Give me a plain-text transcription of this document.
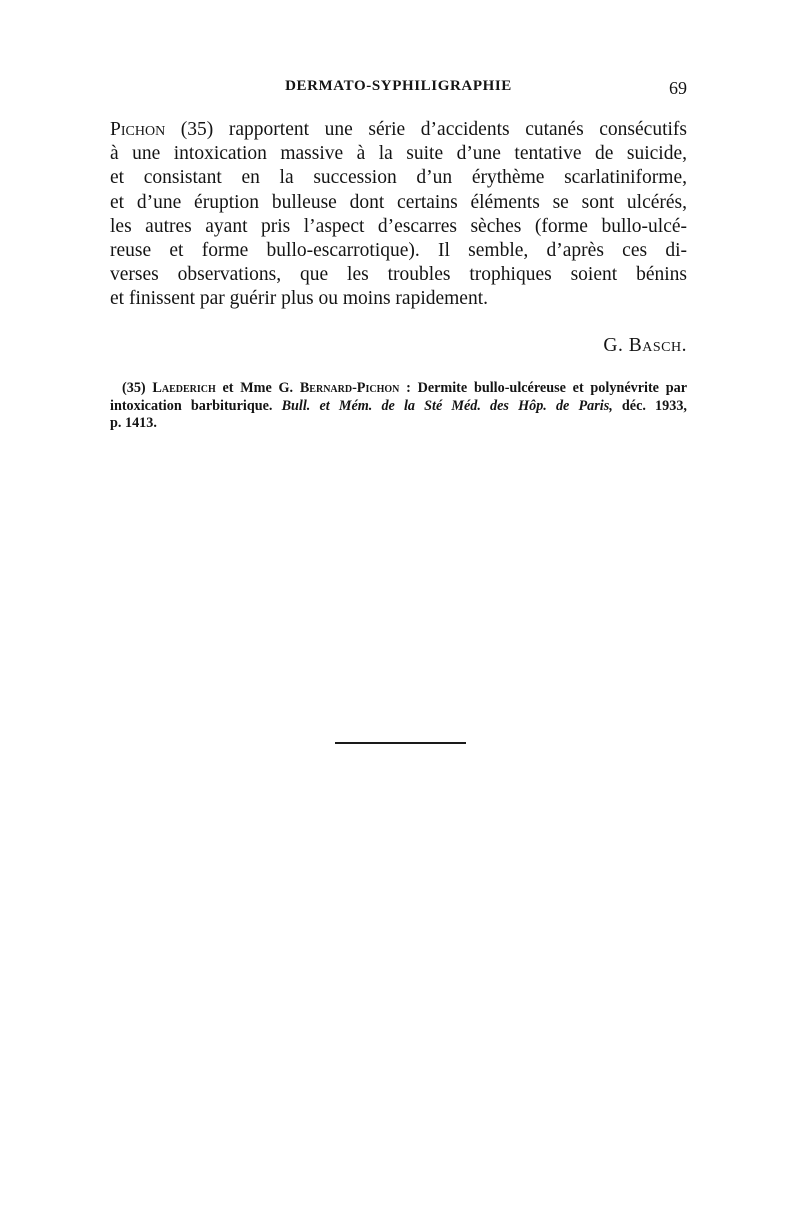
DERMATO-SYPHILIGRAPHIE	69
Pichon (35) rapportent une série d’accidents cutanés consécutifs
à une intoxication massive à la suite d’une tentative de suicide,
et consistant en la succession d’un érythème scarlatiniforme,
et d’une éruption bulleuse dont certains éléments se sont ulcérés,
les autres ayant pris l’aspect d’escarres sèches (forme bullo-ulcé-
reuse et forme bullo-escarrotique). Il semble, d’après ces di-
verses observations, que les troubles trophiques soient bénins
et finissent par guérir plus ou moins rapidement.
G. Basch.
(35) Laederich et Mme G. Bernard-Pichon : Dermite bullo-ulcéreuse et polynévrite par
intoxication barbiturique. Bull. et Mém. de la Sté Méd. des Hôp. de Paris, déc. 1933,
p. 1413.
